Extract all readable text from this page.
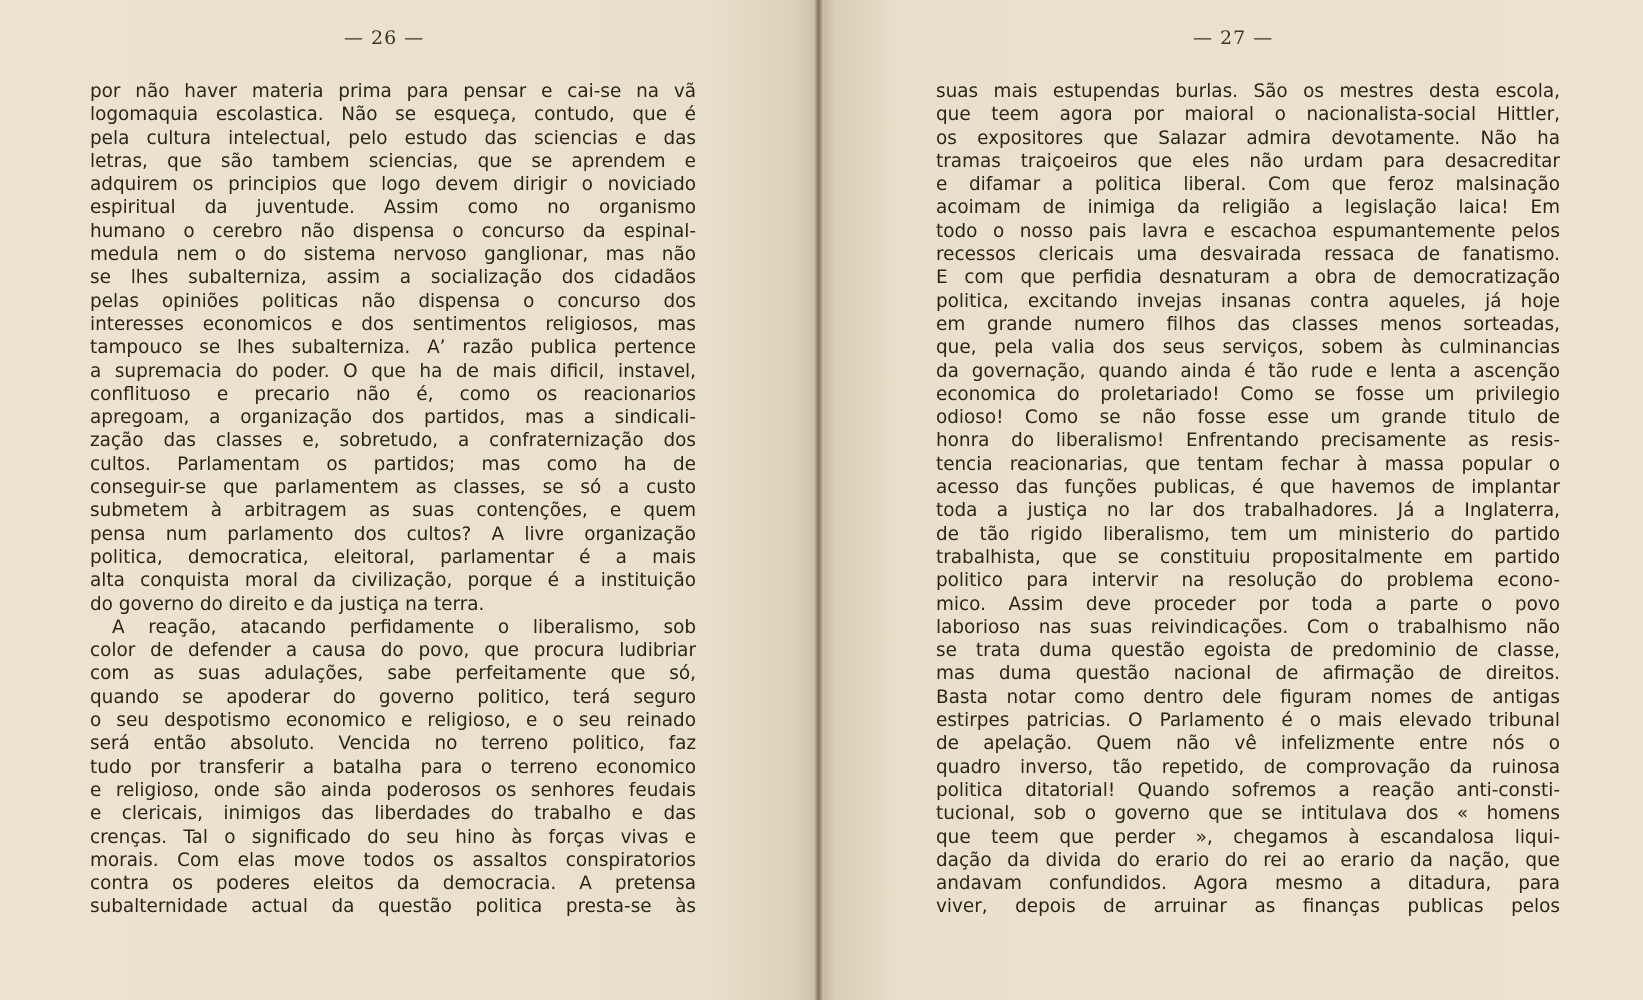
— 26 —
por não haver materia prima para pensar e cai-se na vã
logomaquia escolastica. Não se esqueça, contudo, que é
pela cultura intelectual, pelo estudo das sciencias e das
letras, que são tambem sciencias, que se aprendem e
adquirem os principios que logo devem dirigir o noviciado
espiritual da juventude. Assim como no organismo
humano o cerebro não dispensa o concurso da espinal-
medula nem o do sistema nervoso ganglionar, mas não
se lhes subalterniza, assim a socialização dos cidadãos
pelas opiniões politicas não dispensa o concurso dos
interesses economicos e dos sentimentos religiosos, mas
tampouco se lhes subalterniza. A’ razão publica pertence
a supremacia do poder. O que ha de mais dificil, instavel,
conflituoso e precario não é, como os reacionarios
apregoam, a organização dos partidos, mas a sindicali-
zação das classes e, sobretudo, a confraternização dos
cultos. Parlamentam os partidos; mas como ha de
conseguir-se que parlamentem as classes, se só a custo
submetem à arbitragem as suas contenções, e quem
pensa num parlamento dos cultos? A livre organização
politica, democratica, eleitoral, parlamentar é a mais
alta conquista moral da civilização, porque é a instituição
do governo do direito e da justiça na terra.
A reação, atacando perfidamente o liberalismo, sob
color de defender a causa do povo, que procura ludibriar
com as suas adulações, sabe perfeitamente que só,
quando se apoderar do governo politico, terá seguro
o seu despotismo economico e religioso, e o seu reinado
será então absoluto. Vencida no terreno politico, faz
tudo por transferir a batalha para o terreno economico
e religioso, onde são ainda poderosos os senhores feudais
e clericais, inimigos das liberdades do trabalho e das
crenças. Tal o significado do seu hino às forças vivas e
morais. Com elas move todos os assaltos conspiratorios
contra os poderes eleitos da democracia. A pretensa
subalternidade actual da questão politica presta-se às
— 27 —
suas mais estupendas burlas. São os mestres desta escola,
que teem agora por maioral o nacionalista-social Hittler,
os expositores que Salazar admira devotamente. Não ha
tramas traiçoeiros que eles não urdam para desacreditar
e difamar a politica liberal. Com que feroz malsinação
acoimam de inimiga da religião a legislação laica! Em
todo o nosso pais lavra e escachoa espumantemente pelos
recessos clericais uma desvairada ressaca de fanatismo.
E com que perfidia desnaturam a obra de democratização
politica, excitando invejas insanas contra aqueles, já hoje
em grande numero filhos das classes menos sorteadas,
que, pela valia dos seus serviços, sobem às culminancias
da governação, quando ainda é tão rude e lenta a ascenção
economica do proletariado! Como se fosse um privilegio
odioso! Como se não fosse esse um grande titulo de
honra do liberalismo! Enfrentando precisamente as resis-
tencia reacionarias, que tentam fechar à massa popular o
acesso das funções publicas, é que havemos de implantar
toda a justiça no lar dos trabalhadores. Já a Inglaterra,
de tão rigido liberalismo, tem um ministerio do partido
trabalhista, que se constituiu propositalmente em partido
politico para intervir na resolução do problema econo-
mico. Assim deve proceder por toda a parte o povo
laborioso nas suas reivindicações. Com o trabalhismo não
se trata duma questão egoista de predominio de classe,
mas duma questão nacional de afirmação de direitos.
Basta notar como dentro dele figuram nomes de antigas
estirpes patricias. O Parlamento é o mais elevado tribunal
de apelação. Quem não vê infelizmente entre nós o
quadro inverso, tão repetido, de comprovação da ruinosa
politica ditatorial! Quando sofremos a reação anti-consti-
tucional, sob o governo que se intitulava dos « homens
que teem que perder », chegamos à escandalosa liqui-
dação da divida do erario do rei ao erario da nação, que
andavam confundidos. Agora mesmo a ditadura, para
viver, depois de arruinar as finanças publicas pelos
